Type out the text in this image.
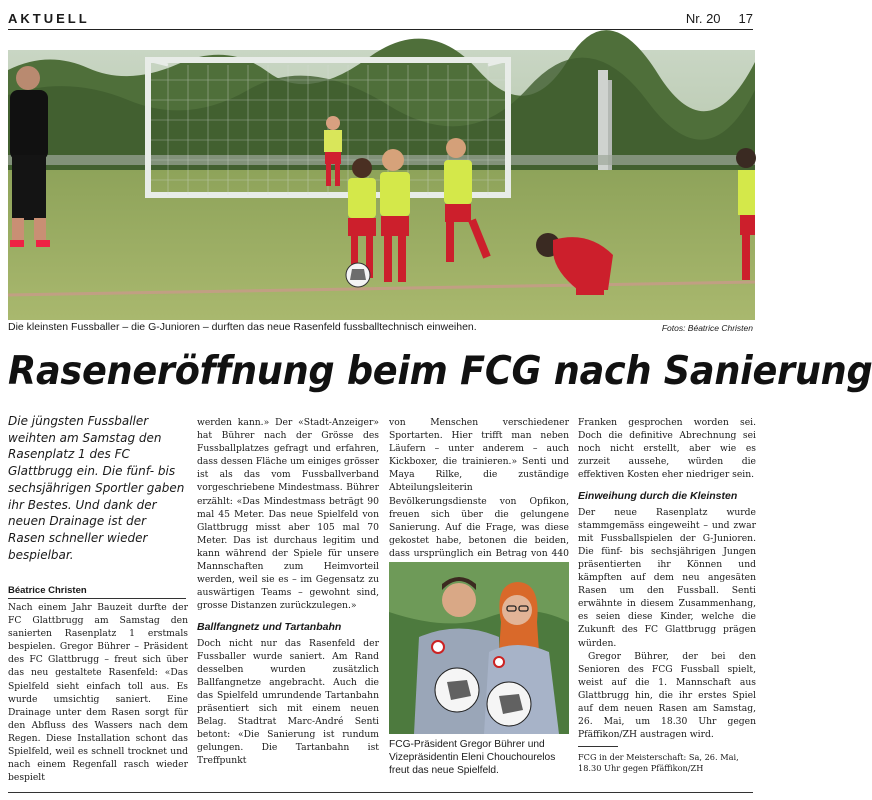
AKTUELL	Nr. 20 17
Die kleinsten Fussballer – die G-Junioren – durften das neue Rasenfeld fussballtechnisch einweihen.	Fotos: Béatrice Christen
Raseneröffnung beim FCG nach Sanierung
Die jüngsten Fussballer weihten am Samstag den Rasenplatz 1 des FC Glattbrugg ein. Die fünf- bis sechsjährigen Sportler gaben ihr Bestes. Und dank der neuen Drainage ist der Rasen schneller wieder bespielbar.
Béatrice Christen

Nach einem Jahr Bauzeit durfte der FC Glattbrugg am Samstag den sanierten Rasenplatz 1 erstmals bespielen. Gregor Bührer – Präsident des FC Glattbrugg – freut sich über das neu gestaltete Rasenfeld: «Das Spielfeld sieht einfach toll aus. Es wurde umsichtig saniert. Eine Drainage unter dem Rasen sorgt für den Abfluss des Wassers nach dem Regen. Diese Installation schont das Spielfeld, weil es schnell trocknet und nach einem Regenfall rasch wieder bespielt

werden kann.» Der «Stadt-Anzeiger» hat Bührer nach der Grösse des Fussballplatzes gefragt und erfahren, dass dessen Fläche um einiges grösser ist als das vom Fussballverband vorgeschriebene Mindestmass. Bührer erzählt: «Das Mindestmass beträgt 90 mal 45 Meter. Das neue Spielfeld von Glattbrugg misst aber 105 mal 70 Meter. Das ist durchaus legitim und kann während der Spiele für unsere Mannschaften zum Heimvorteil werden, weil sie es – im Gegensatz zu auswärtigen Teams – gewohnt sind, grosse Distanzen zurückzulegen.»

Ballfangnetz und Tartanbahn

Doch nicht nur das Rasenfeld der Fussballer wurde saniert. Am Rand desselben wurden zusätzlich Ballfangnetze angebracht. Auch die das Spielfeld umrundende Tartanbahn präsentiert sich mit einem neuen Belag. Stadtrat Marc-André Senti betont: «Die Sanierung ist rundum gelungen. Die Tartanbahn ist Treffpunkt

von Menschen verschiedener Sportarten. Hier trifft man neben Läufern – unter anderem – auch Kickboxer, die trainieren.» Senti und Maya Rilke, die zuständige Abteilungsleiterin Bevölkerungsdienste von Opfikon, freuen sich über die gelungene Sanierung. Auf die Frage, was diese gekostet habe, betonen die beiden, dass ursprünglich ein Betrag von 440

FCG-Präsident Gregor Bührer und Vizepräsidentin Eleni Chouchourelos freut das neue Spielfeld.

Franken gesprochen worden sei. Doch die definitive Abrechnung sei noch nicht erstellt, aber wie es zurzeit aussehe, würden die effektiven Kosten eher niedriger sein.

Einweihung durch die Kleinsten

Der neue Rasenplatz wurde stammgemäss eingeweiht – und zwar mit Fussballspielen der G-Junioren. Die fünf- bis sechsjährigen Jungen präsentierten ihr Können und kämpften auf dem neu angesäten Rasen um den Fussball. Senti erwähnte in diesem Zusammenhang, es seien diese Kinder, welche die Zukunft des FC Glattbrugg prägen würden.

Gregor Bührer, der bei den Senioren des FCG Fussball spielt, weist auf die 1. Mannschaft aus Glattbrugg hin, die ihr erstes Spiel auf dem neuen Rasen am Samstag, 26. Mai, um 18.30 Uhr gegen Pfäffikon/ZH austragen wird.

FCG in der Meisterschaft: Sa, 26. Mai, 18.30 Uhr gegen Pfäffikon/ZH
